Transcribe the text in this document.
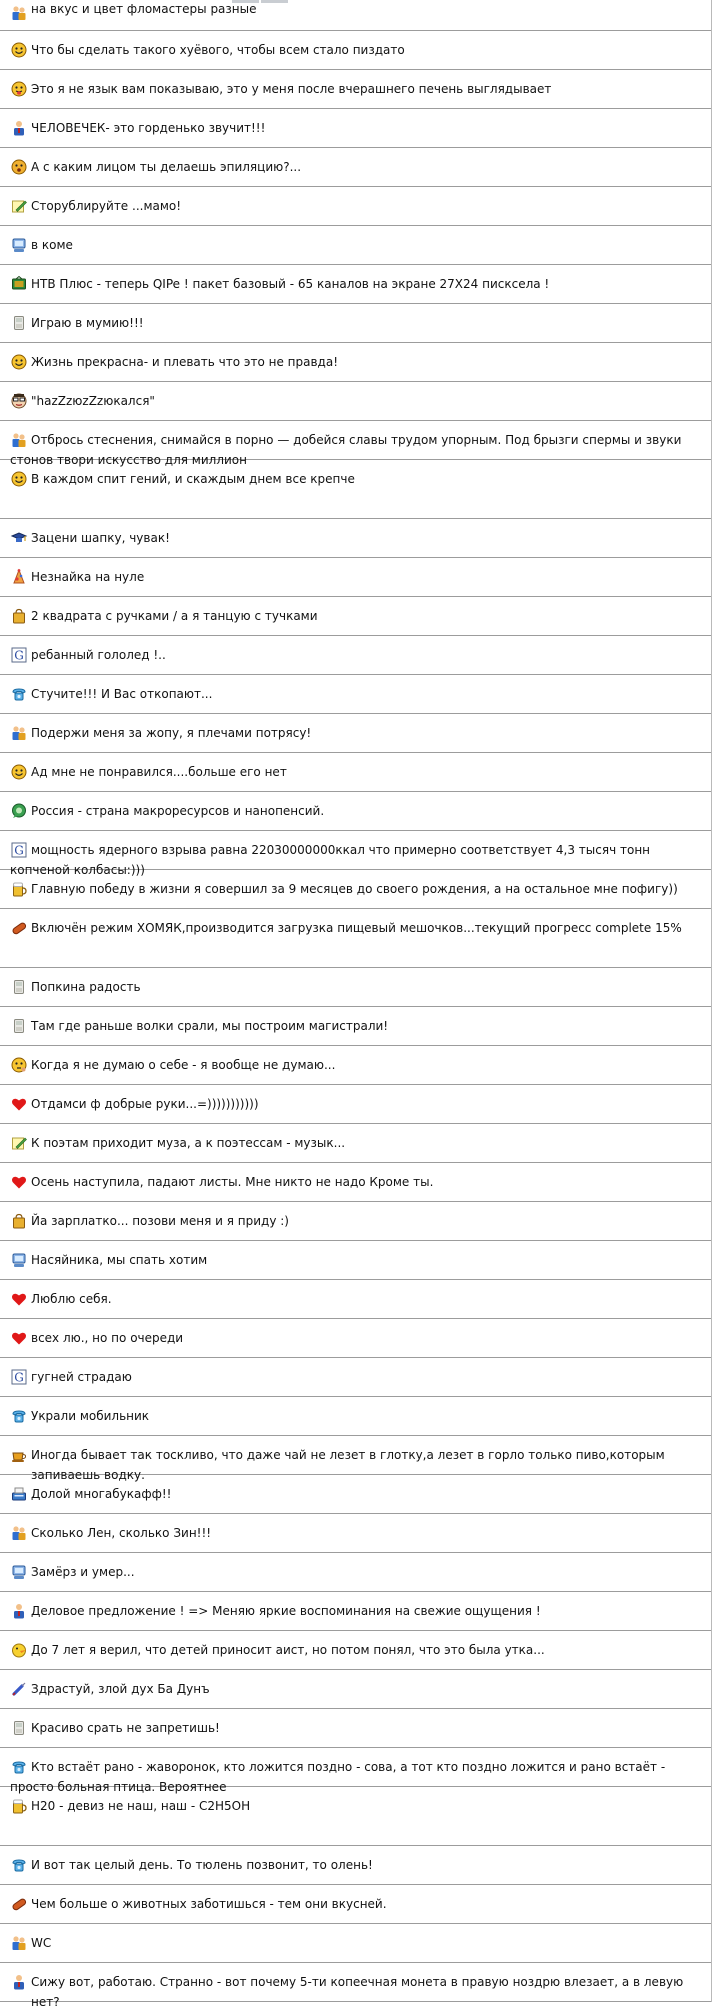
на вкус и цвет фломастеры разные
Что бы сделать такого хуёвого, чтобы всем стало пиздато
Это я не язык вам показываю, это у меня после вчерашнего печень выглядывает
ЧЕЛОВЕЧЕК- это горденько звучит!!!
А с каким лицом ты делаешь эпиляцию?...
Сторублируйте ...мамо!
в коме
НТВ Плюс - теперь QIPe ! пакет базовый - 65 каналов на экране 27X24 писксела !
Играю в мумию!!!
Жизнь прекрасна- и плевать что это не правда!
"hazZzюzZzюкался"
Отбрось стеснения, снимайся в порно — добейся славы трудом упорным. Под брызги спермы и звуки стонов твори искусство для миллион
В каждом спит гений, и скаждым днем все крепче
Зацени шапку, чувак!
Незнайка на нуле
2 квадрата с ручками / а я танцую с тучками
G ребанный гололед !..
Стучите!!! И Вас откопают...
Подержи меня за жопу, я плечами потрясу!
Ад мне не понравился....больше его нет
Россия - страна макроресурсов и нанопенсий.
G мощность ядерного взрыва равна 22030000000ккал что примерно соответствует 4,3 тысяч тонн копченой колбасы:)))
Главную победу в жизни я совершил за 9 месяцев до своего рождения, а на остальное мне пофигу))
Включён режим ХОМЯК,производится загрузка пищевый мешочков...текущий прогресс complete 15%
Попкина радость
Там где раньше волки срали, мы построим магистрали!
Когда я не думаю о себе - я вообще не думаю...
Отдамси ф добрые руки...=)))))))))))
К поэтам приходит муза, а к поэтессам - музык...
Осень наступила, падают листы. Мне никто не надо Кроме ты.
Йа зарплатко... позови меня и я приду :)
Насяйника, мы спать хотим
Люблю себя.
всех лю., но по очереди
G гугней страдаю
Украли мобильник
Иногда бывает так тоскливо, что даже чай не лезет в глотку,а лезет в горло только пиво,которым запиваешь водку.
Долой многабукафф!!
Сколько Лен, сколько Зин!!!
Замёрз и умер...
Деловое предложение ! => Меняю яркие воспоминания на свежие ощущения !
До 7 лет я верил, что детей приносит аист, но потом понял, что это была утка...
Здрастуй, злой дух Ба Дунъ
Красиво срать не запретишь!
Кто встаёт рано - жаворонок, кто ложится поздно - сова, а тот кто поздно ложится и рано встаёт - просто больная птица. Вероятнее
H20 - девиз не наш, наш - C2H5OH
И вот так целый день. То тюлень позвонит, то олень!
Чем больше о животных заботишься - тем они вкусней.
WC
Сижу вот, работаю. Странно - вот почему 5-ти копеечная монета в правую ноздрю влезает, а в левую нет?
